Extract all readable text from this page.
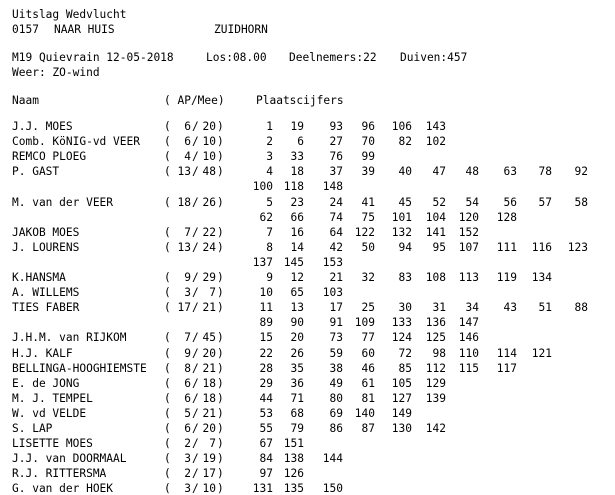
Uitslag Wedvlucht
0157 NAAR HUIS	ZUIDHORN
M19 Quievrain 12-05-2018	Los:08.00 Deelnemers:22 Duiven:457
Weer: ZO-wind
Naam	( AP/Mee)	Plaatscijfers
J.J. MOES	(	6 / 20 )	1	19	93	96	106	143
Comb. KöNIG-vd VEER (	6 / 10 )	2	6	27	70	82	102
REMCO PLOEG	(	4 / 10 )	3	33	76	99
P. GAST	( 13 / 48 )	4	18	37	39	40	47	48	63	78	92
100 118	148
M. van der VEER	( 18 / 26 )	5	23	24	41	45	52	54	56	57	58
62	66	74	75	101	104	120	128
JAKOB MOES	(	7 / 22 )	7	16	64	122	132	141	152
J. LOURENS	( 13 / 24 )	8	14	42	50	94	95	107	111	116	123
137 145	153
K.HANSMA	(	9 / 29 )	9	12	21	32	83	108	113	119	134
A. WILLEMS	(	3 / 7 )	10	65	103
TIES FABER	( 17 / 21 )	11	13	17	25	30	31	34	43	51	88
89	90	91	109	133	136	147
J.H.M. van RIJKOM	(	7 / 45 )	15	20	73	77	124	125	146
H.J. KALF	(	9 / 20 )	22	26	59	60	72	98	110	114	121
BELLINGA-HOOGHIEMSTE (	8 / 21 )	28	35	38	46	85	112	115	117
E. de JONG	(	6 / 18 )	29	36	49	61	105	129
M. J. TEMPEL	(	6 / 18 )	44	71	80	81	127	139
W. vd VELDE	(	5 / 21 )	53	68	69	140	149
S. LAP	(	6 / 20 )	55	79	86	87	130	142
LISETTE MOES	(	2 / 7 )	67 151
J.J. van DOORMAAL	(	3 / 19 )	84 138	144
R.J. RITTERSMA	(	2 / 17 )	97 126
G. van der HOEK	(	3 / 10 )	131 135	150
